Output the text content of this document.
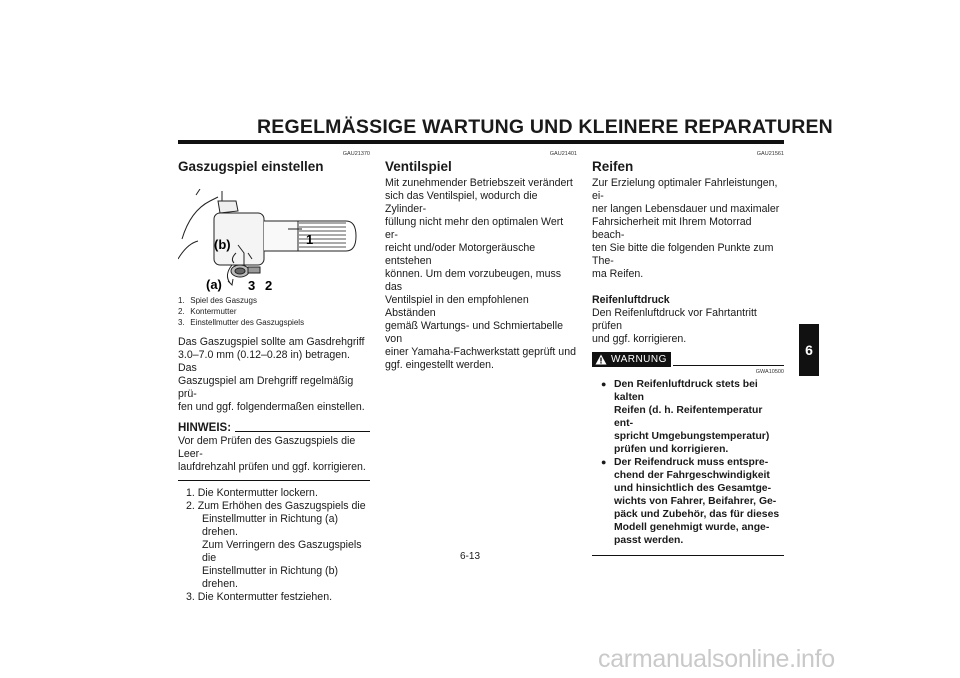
REGELMÄSSIGE WARTUNG UND KLEINERE REPARATUREN
6
GAU21370
Gaszugspiel einstellen
(b)
(a)
1
3 2
1. Spiel des Gaszugs
2. Kontermutter
3. Einstellmutter des Gaszugspiels
Das Gaszugspiel sollte am Gasdrehgriff
3.0–7.0 mm (0.12–0.28 in) betragen. Das
Gaszugspiel am Drehgriff regelmäßig prü-
fen und ggf. folgendermaßen einstellen.
HINWEIS:
Vor dem Prüfen des Gaszugspiels die Leer-
laufdrehzahl prüfen und ggf. korrigieren.
1. Die Kontermutter lockern.
2. Zum Erhöhen des Gaszugspiels die
Einstellmutter in Richtung (a) drehen.
Zum Verringern des Gaszugspiels die
Einstellmutter in Richtung (b) drehen.
3. Die Kontermutter festziehen.
GAU21401
Ventilspiel
Mit zunehmender Betriebszeit verändert
sich das Ventilspiel, wodurch die Zylinder-
füllung nicht mehr den optimalen Wert er-
reicht und/oder Motorgeräusche entstehen
können. Um dem vorzubeugen, muss das
Ventilspiel in den empfohlenen Abständen
gemäß Wartungs- und Schmiertabelle von
einer Yamaha-Fachwerkstatt geprüft und
ggf. eingestellt werden.
GAU21561
Reifen
Zur Erzielung optimaler Fahrleistungen, ei-
ner langen Lebensdauer und maximaler
Fahrsicherheit mit Ihrem Motorrad beach-
ten Sie bitte die folgenden Punkte zum The-
ma Reifen.
Reifenluftdruck
Den Reifenluftdruck vor Fahrtantritt prüfen
und ggf. korrigieren.
WARNUNG
GWA10500
● Den Reifenluftdruck stets bei kalten
Reifen (d. h. Reifentemperatur ent-
spricht Umgebungstemperatur)
prüfen und korrigieren.
● Der Reifendruck muss entspre-
chend der Fahrgeschwindigkeit
und hinsichtlich des Gesamtge-
wichts von Fahrer, Beifahrer, Ge-
päck und Zubehör, das für dieses
Modell genehmigt wurde, ange-
passt werden.
6-13
carmanualsonline.info
